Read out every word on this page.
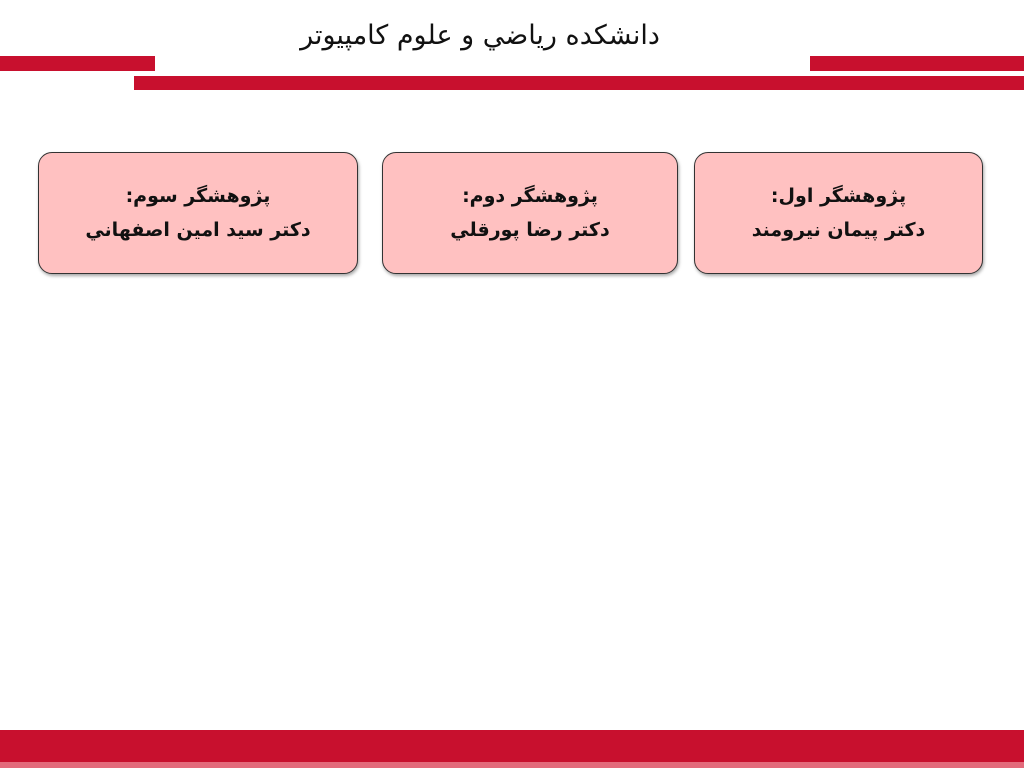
دانشكده رياضي و علوم كامپيوتر
پژوهشگر اول:
دكتر پيمان نيرومند
پژوهشگر دوم:
دكتر رضا پورقلي
پژوهشگر سوم:
دكتر سيد امين اصفهاني
